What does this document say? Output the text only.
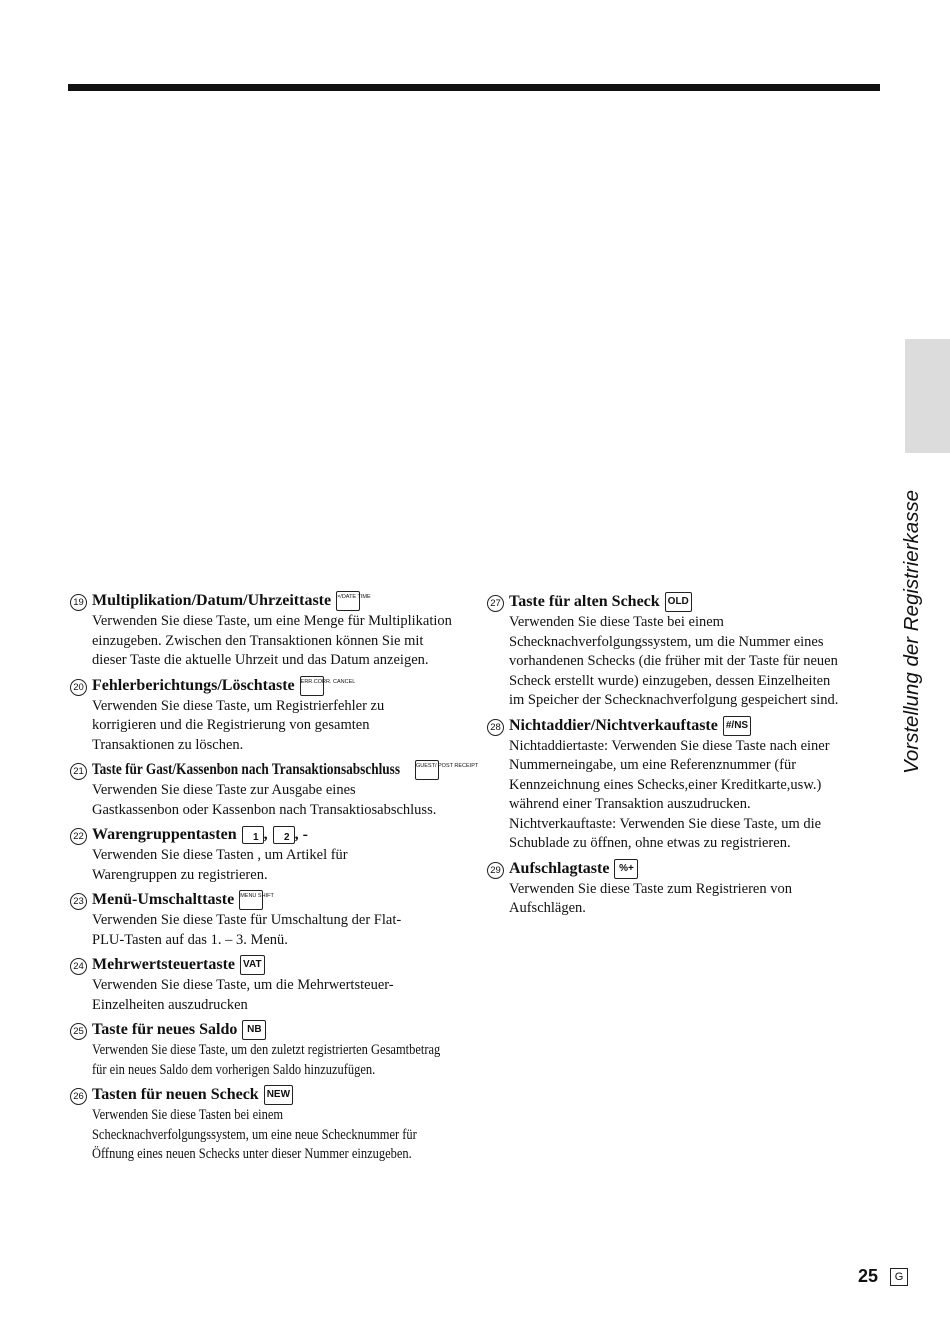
Vorstellung der Registrierkasse
19 Multiplikation/Datum/Uhrzeittaste ×/DATE TIME
Verwenden Sie diese Taste, um eine Menge für Multiplikation
einzugeben. Zwischen den Transaktionen können Sie mit
dieser Taste die aktuelle Uhrzeit und das Datum anzeigen.
20 Fehlerberichtungs/Löschtaste ERR.CORR. CANCEL
Verwenden Sie diese Taste, um Registrierfehler zu
korrigieren und die Registrierung von gesamten
Transaktionen zu löschen.
21 Taste für Gast/Kassenbon nach Transaktionsabschluss	GUEST/ POST RECEIPT
Verwenden Sie diese Taste zur Ausgabe eines
Gastkassenbon oder Kassenbon nach Transaktiosabschluss.
22 Warengruppentasten 1 , 2 , -
Verwenden Sie diese Tasten , um Artikel für
Warengruppen zu registrieren.
23 Menü-Umschalttaste MENU SHIFT
Verwenden Sie diese Taste für Umschaltung der Flat-
PLU-Tasten auf das 1. – 3. Menü.
24 Mehrwertsteuertaste VAT
Verwenden Sie diese Taste, um die Mehrwertsteuer-
Einzelheiten auszudrucken
25 Taste für neues Saldo NB
Verwenden Sie diese Taste, um den zuletzt registrierten Gesamtbetrag
für ein neues Saldo dem vorherigen Saldo hinzuzufügen.
26 Tasten für neuen Scheck NEW
Verwenden Sie diese Tasten bei einem
Schecknachverfolgungssystem, um eine neue Schecknummer für
Öffnung eines neuen Schecks unter dieser Nummer einzugeben.
27 Taste für alten Scheck OLD
Verwenden Sie diese Taste bei einem
Schecknachverfolgungssystem, um die Nummer eines
vorhandenen Schecks (die früher mit der Taste für neuen
Scheck erstellt wurde) einzugeben, dessen Einzelheiten
im Speicher der Schecknachverfolgung gespeichert sind.
28 Nichtaddier/Nichtverkauftaste #/NS
Nichtaddiertaste: Verwenden Sie diese Taste nach einer
Nummerneingabe, um eine Referenznummer (für
Kennzeichnung eines Schecks,einer Kreditkarte,usw.)
während einer Transaktion auszudrucken.
Nichtverkauftaste: Verwenden Sie diese Taste, um die
Schublade zu öffnen, ohne etwas zu registrieren.
29 Aufschlagtaste %+
Verwenden Sie diese Taste zum Registrieren von
Aufschlägen.
25 G
